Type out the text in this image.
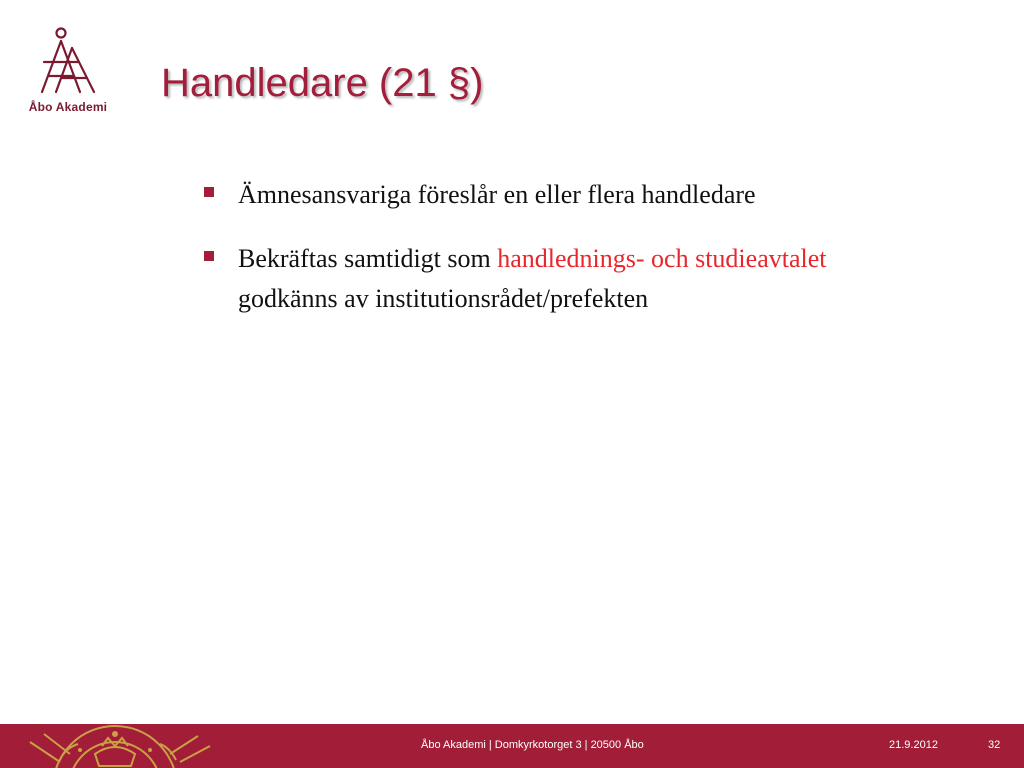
Åbo Akademi
Handledare (21 §)
Ämnesansvariga föreslår en eller flera handledare
Bekräftas samtidigt som handlednings- och studieavtalet godkänns av institutionsrådet/prefekten
Åbo Akademi | Domkyrkotorget 3 | 20500 Åbo	21.9.2012	32
